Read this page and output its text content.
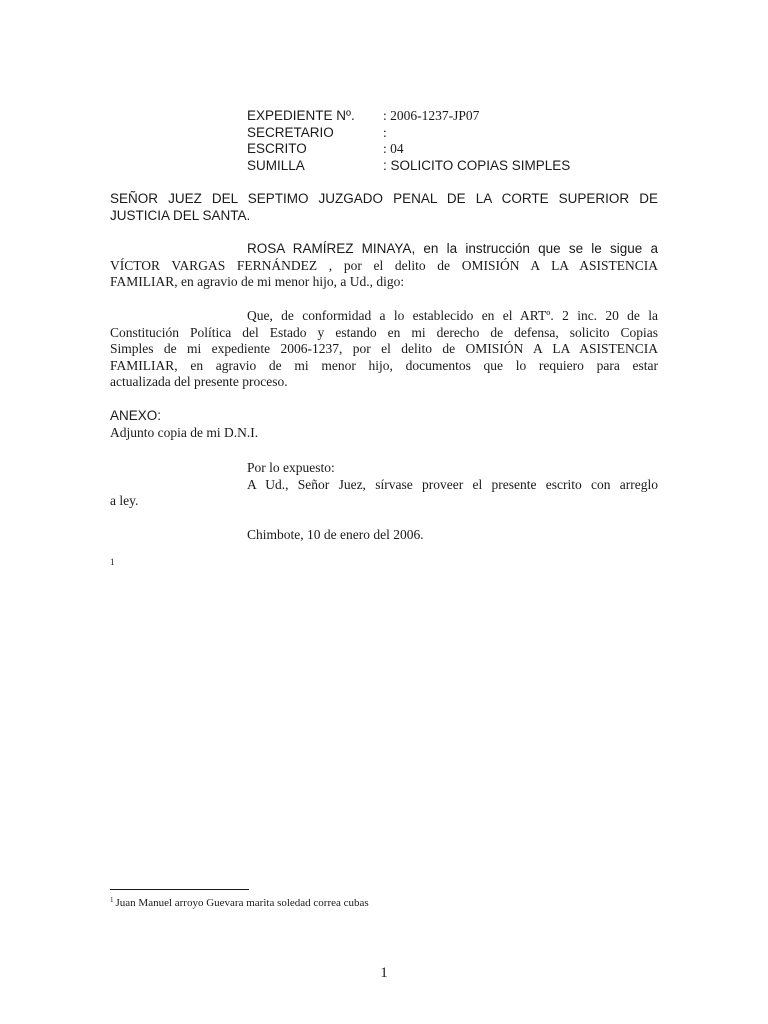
EXPEDIENTE Nº. : 2006-1237-JP07
SECRETARIO	:
ESCRITO	: 04
SUMILLA	: SOLICITO COPIAS SIMPLES
SEÑOR JUEZ DEL SEPTIMO JUZGADO PENAL DE LA CORTE SUPERIOR DE
JUSTICIA DEL SANTA.
ROSA RAMÍREZ MINAYA, en la instrucción que se le sigue a
VÍCTOR VARGAS FERNÁNDEZ , por el delito de OMISIÓN A LA ASISTENCIA
FAMILIAR, en agravio de mi menor hijo, a Ud., digo:
Que, de conformidad a lo establecido en el ARTº. 2 inc. 20 de la
Constitución Política del Estado y estando en mi derecho de defensa, solicito Copias
Simples de mi expediente 2006-1237, por el delito de OMISIÓN A LA ASISTENCIA
FAMILIAR, en agravio de mi menor hijo, documentos que lo requiero para estar
actualizada del presente proceso.
ANEXO:
Adjunto copia de mi D.N.I.
Por lo expuesto:
A Ud., Señor Juez, sírvase proveer el presente escrito con arreglo
a ley.
Chimbote, 10 de enero del 2006.
1
$^1$ Juan Manuel arroyo Guevara marita soledad correa cubas
1
